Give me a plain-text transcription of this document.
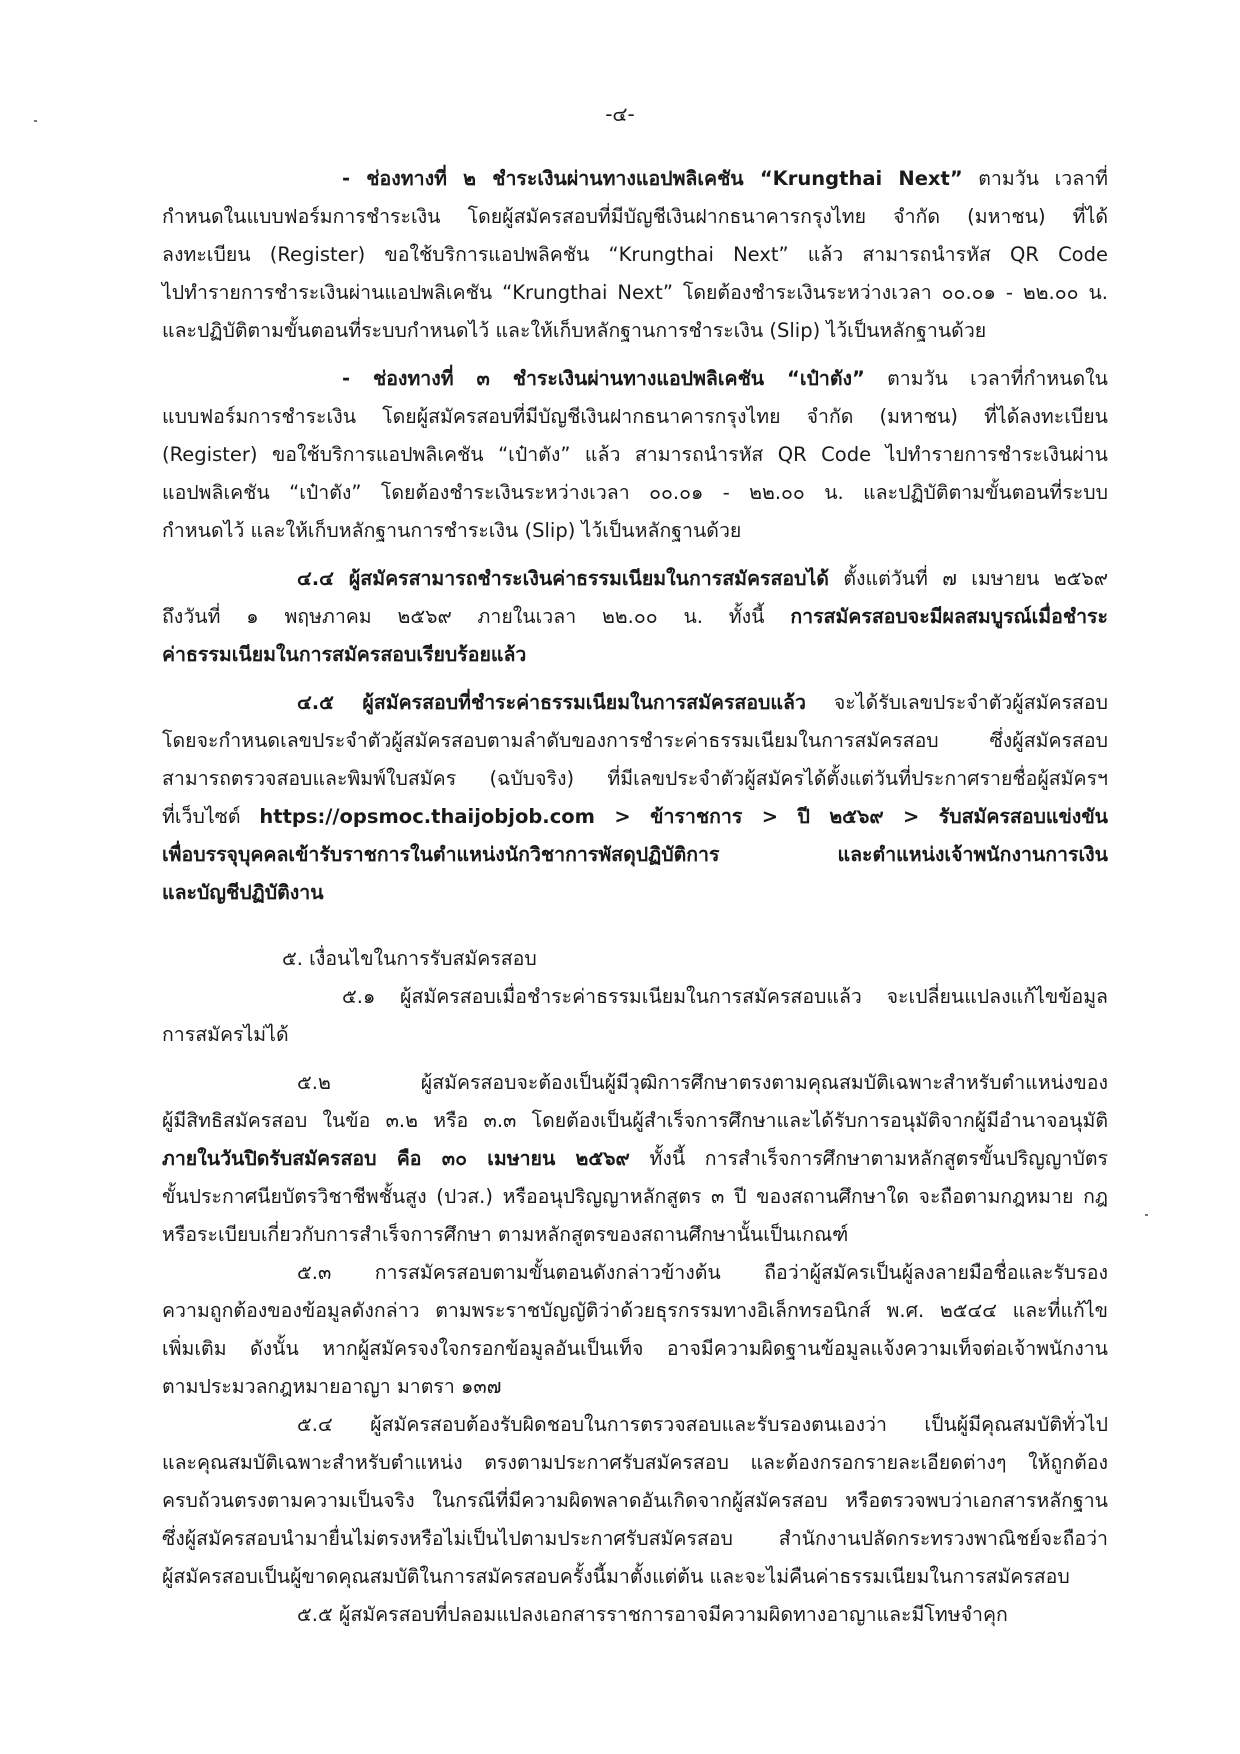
-๔-
- ช่องทางที่ ๒ ชำระเงินผ่านทางแอปพลิเคชัน “Krungthai Next” ตามวัน เวลาที่
กำหนดในแบบฟอร์มการชำระเงิน โดยผู้สมัครสอบที่มีบัญชีเงินฝากธนาคารกรุงไทย จำกัด (มหาชน) ที่ได้
ลงทะเบียน (Register) ขอใช้บริการแอปพลิคชัน “Krungthai Next” แล้ว สามารถนำรหัส QR Code
ไปทำรายการชำระเงินผ่านแอปพลิเคชัน “Krungthai Next” โดยต้องชำระเงินระหว่างเวลา ๐๐.๐๑ - ๒๒.๐๐ น.
และปฏิบัติตามขั้นตอนที่ระบบกำหนดไว้ และให้เก็บหลักฐานการชำระเงิน (Slip) ไว้เป็นหลักฐานด้วย
- ช่องทางที่ ๓ ชำระเงินผ่านทางแอปพลิเคชัน “เป๋าตัง” ตามวัน เวลาที่กำหนดใน
แบบฟอร์มการชำระเงิน โดยผู้สมัครสอบที่มีบัญชีเงินฝากธนาคารกรุงไทย จำกัด (มหาชน) ที่ได้ลงทะเบียน
(Register) ขอใช้บริการแอปพลิเคชัน “เป๋าตัง” แล้ว สามารถนำรหัส QR Code ไปทำรายการชำระเงินผ่าน
แอปพลิเคชัน “เป๋าตัง” โดยต้องชำระเงินระหว่างเวลา ๐๐.๐๑ - ๒๒.๐๐ น. และปฏิบัติตามขั้นตอนที่ระบบ
กำหนดไว้ และให้เก็บหลักฐานการชำระเงิน (Slip) ไว้เป็นหลักฐานด้วย
๔.๔ ผู้สมัครสามารถชำระเงินค่าธรรมเนียมในการสมัครสอบได้ ตั้งแต่วันที่ ๗ เมษายน ๒๕๖๙
ถึงวันที่ ๑ พฤษภาคม ๒๕๖๙ ภายในเวลา ๒๒.๐๐ น. ทั้งนี้ การสมัครสอบจะมีผลสมบูรณ์เมื่อชำระ
ค่าธรรมเนียมในการสมัครสอบเรียบร้อยแล้ว
๔.๕ ผู้สมัครสอบที่ชำระค่าธรรมเนียมในการสมัครสอบแล้ว จะได้รับเลขประจำตัวผู้สมัครสอบ
โดยจะกำหนดเลขประจำตัวผู้สมัครสอบตามลำดับของการชำระค่าธรรมเนียมในการสมัครสอบ ซึ่งผู้สมัครสอบ
สามารถตรวจสอบและพิมพ์ใบสมัคร (ฉบับจริง) ที่มีเลขประจำตัวผู้สมัครได้ตั้งแต่วันที่ประกาศรายชื่อผู้สมัครฯ
ที่เว็บไซต์ https://opsmoc.thaijobjob.com > ข้าราชการ > ปี ๒๕๖๙ > รับสมัครสอบแข่งขัน
เพื่อบรรจุบุคคลเข้ารับราชการในตำแหน่งนักวิชาการพัสดุปฏิบัติการ และตำแหน่งเจ้าพนักงานการเงิน
และบัญชีปฏิบัติงาน
๕. เงื่อนไขในการรับสมัครสอบ
๕.๑ ผู้สมัครสอบเมื่อชำระค่าธรรมเนียมในการสมัครสอบแล้ว จะเปลี่ยนแปลงแก้ไขข้อมูล
การสมัครไม่ได้
๕.๒ ผู้สมัครสอบจะต้องเป็นผู้มีวุฒิการศึกษาตรงตามคุณสมบัติเฉพาะสำหรับตำแหน่งของ
ผู้มีสิทธิสมัครสอบ ในข้อ ๓.๒ หรือ ๓.๓ โดยต้องเป็นผู้สำเร็จการศึกษาและได้รับการอนุมัติจากผู้มีอำนาจอนุมัติ
ภายในวันปิดรับสมัครสอบ คือ ๓๐ เมษายน ๒๕๖๙ ทั้งนี้ การสำเร็จการศึกษาตามหลักสูตรขั้นปริญญาบัตร
ขั้นประกาศนียบัตรวิชาชีพชั้นสูง (ปวส.) หรืออนุปริญญาหลักสูตร ๓ ปี ของสถานศึกษาใด จะถือตามกฎหมาย กฎ
หรือระเบียบเกี่ยวกับการสำเร็จการศึกษา ตามหลักสูตรของสถานศึกษานั้นเป็นเกณฑ์
๕.๓ การสมัครสอบตามขั้นตอนดังกล่าวข้างต้น ถือว่าผู้สมัครเป็นผู้ลงลายมือชื่อและรับรอง
ความถูกต้องของข้อมูลดังกล่าว ตามพระราชบัญญัติว่าด้วยธุรกรรมทางอิเล็กทรอนิกส์ พ.ศ. ๒๕๔๔ และที่แก้ไข
เพิ่มเติม ดังนั้น หากผู้สมัครจงใจกรอกข้อมูลอันเป็นเท็จ อาจมีความผิดฐานข้อมูลแจ้งความเท็จต่อเจ้าพนักงาน
ตามประมวลกฎหมายอาญา มาตรา ๑๓๗
๕.๔ ผู้สมัครสอบต้องรับผิดชอบในการตรวจสอบและรับรองตนเองว่า เป็นผู้มีคุณสมบัติทั่วไป
และคุณสมบัติเฉพาะสำหรับตำแหน่ง ตรงตามประกาศรับสมัครสอบ และต้องกรอกรายละเอียดต่างๆ ให้ถูกต้อง
ครบถ้วนตรงตามความเป็นจริง ในกรณีที่มีความผิดพลาดอันเกิดจากผู้สมัครสอบ หรือตรวจพบว่าเอกสารหลักฐาน
ซึ่งผู้สมัครสอบนำมายื่นไม่ตรงหรือไม่เป็นไปตามประกาศรับสมัครสอบ สำนักงานปลัดกระทรวงพาณิชย์จะถือว่า
ผู้สมัครสอบเป็นผู้ขาดคุณสมบัติในการสมัครสอบครั้งนี้มาตั้งแต่ต้น และจะไม่คืนค่าธรรมเนียมในการสมัครสอบ
๕.๕ ผู้สมัครสอบที่ปลอมแปลงเอกสารราชการอาจมีความผิดทางอาญาและมีโทษจำคุก
